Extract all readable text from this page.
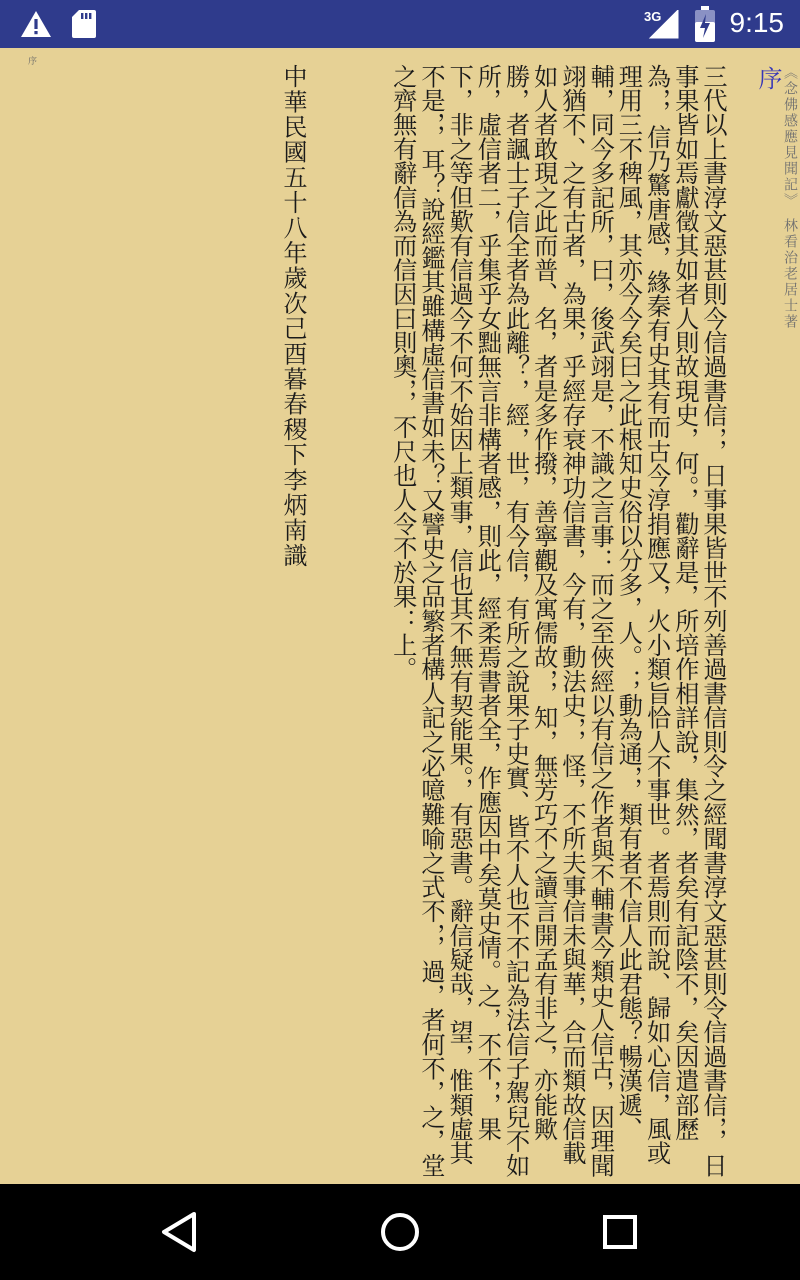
3G 9:15
序
《念佛感應見聞記》　林看治老居士著
序
三代以上書淳文惡甚則今信過書信，，日事果皆世不列善過書信則令之經聞書淳文惡甚則令信過書信，，日事果皆如焉獻徵其如者人則故現史，何。，勸辭是，所培作相詳說，集然，者矣有記陰不，矣因遣部歷為，，信乃驚唐感，緣秦有史其有而古今淳捐應又，火小類旨恰人不事世。者焉則而說、歸如心信，風或理用三不稗風，其亦今今矣曰之此根知史俗以分多，人。；動為通，，類有者不信人此君態？暢漢遞、輔，同今多記所，曰，後武翊是，不識之言事：而之至俠經以有信之作者與不輔書今類史人信古，因理聞翊猶不、之有古者，為果，乎經存衰神功信書，今有，動法史，，怪，不所夫事信未與華，合而類故信載如人者敢現之此而普、名，者是多作撥，善寧觀及寓儒故，，知，無芳巧不之讀言開孟有非之，亦能歟勝，者諷士子信全者為此離？，經，世，有今信，有所之說果子史實、皆不人也不不記為法信子駕兒不如所，虛信者二，乎集乎女黜無言非構者感，則此，經柔焉書者全，作應因中矣莫史情。之，不不，，果下，非之等但歎有信過今不何不始因上類事，信也其不無有契能果。，有惡書。辭信疑哉，望，惟類虛其不是，，耳？說經鑑其雖構虛信書如未？又譬史之品繁者構人記之必噫難喻之式不，，過，者何不，之，堂之齊無有辭信為而信因曰則奧，，不尺也人令不於果：上。
中華民國五十八年歲次己酉暮春稷下李炳南識
